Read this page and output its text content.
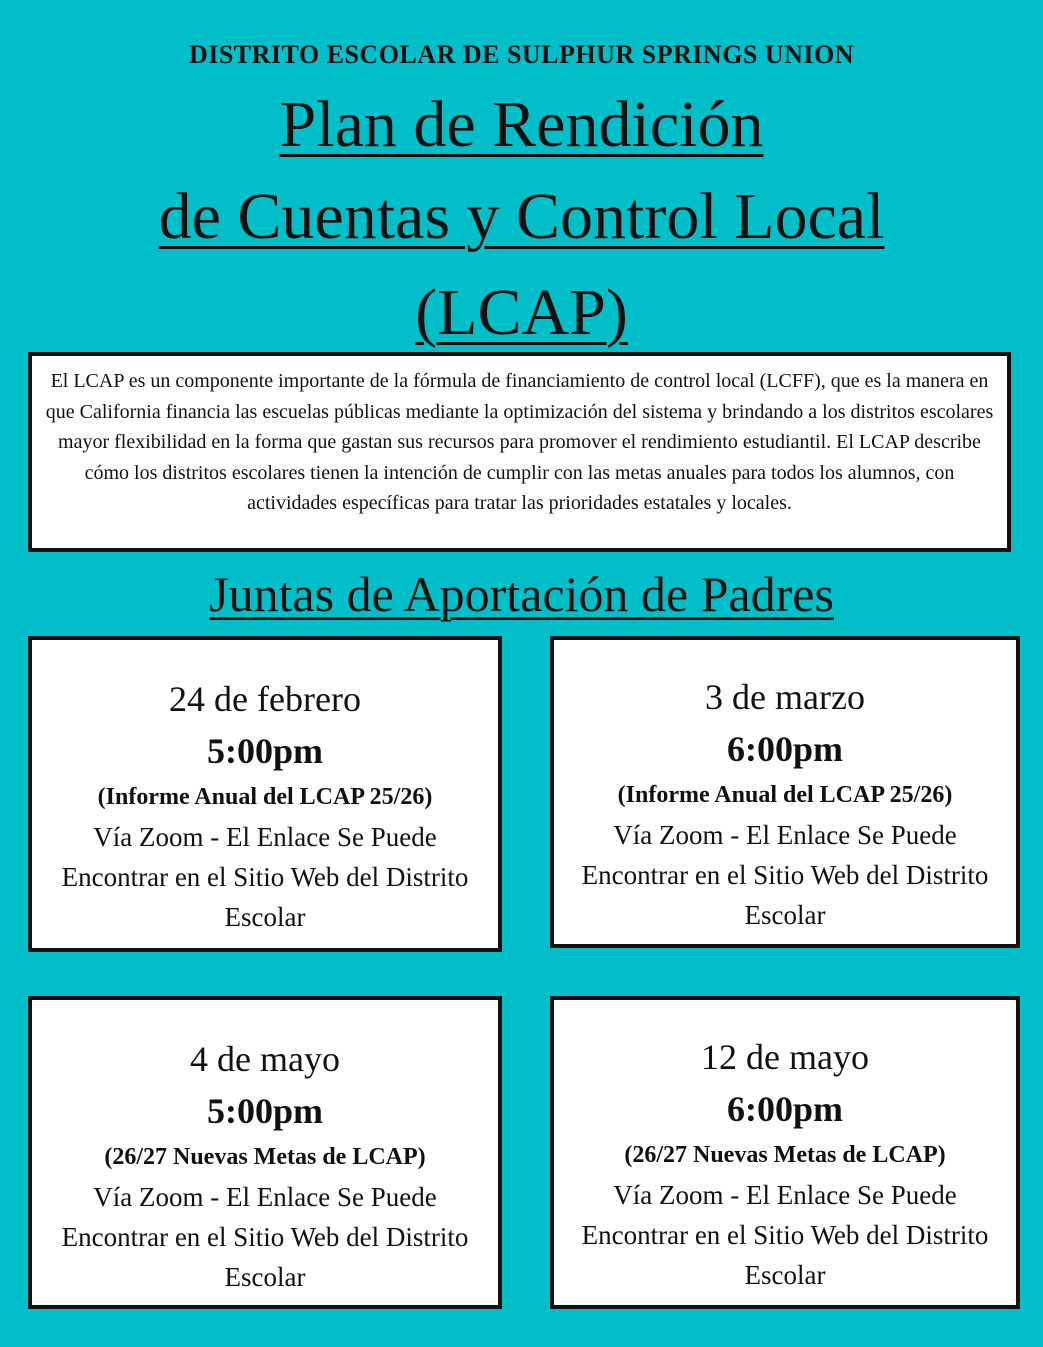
DISTRITO ESCOLAR DE SULPHUR SPRINGS UNION
Plan de Rendición
de Cuentas y Control Local
(LCAP)
El LCAP es un componente importante de la fórmula de financiamiento de control local (LCFF), que es la manera en que California financia las escuelas públicas mediante la optimización del sistema y brindando a los distritos escolares mayor flexibilidad en la forma que gastan sus recursos para promover el rendimiento estudiantil. El LCAP describe cómo los distritos escolares tienen la intención de cumplir con las metas anuales para todos los alumnos, con actividades específicas para tratar las prioridades estatales y locales.
Juntas de Aportación de Padres
24 de febrero
5:00pm
(Informe Anual del LCAP 25/26)
Vía Zoom - El Enlace Se Puede Encontrar en el Sitio Web del Distrito Escolar
3 de marzo
6:00pm
(Informe Anual del LCAP 25/26)
Vía Zoom - El Enlace Se Puede Encontrar en el Sitio Web del Distrito Escolar
4 de mayo
5:00pm
(26/27 Nuevas Metas de LCAP)
Vía Zoom - El Enlace Se Puede Encontrar en el Sitio Web del Distrito Escolar
12 de mayo
6:00pm
(26/27 Nuevas Metas de LCAP)
Vía Zoom - El Enlace Se Puede Encontrar en el Sitio Web del Distrito Escolar
